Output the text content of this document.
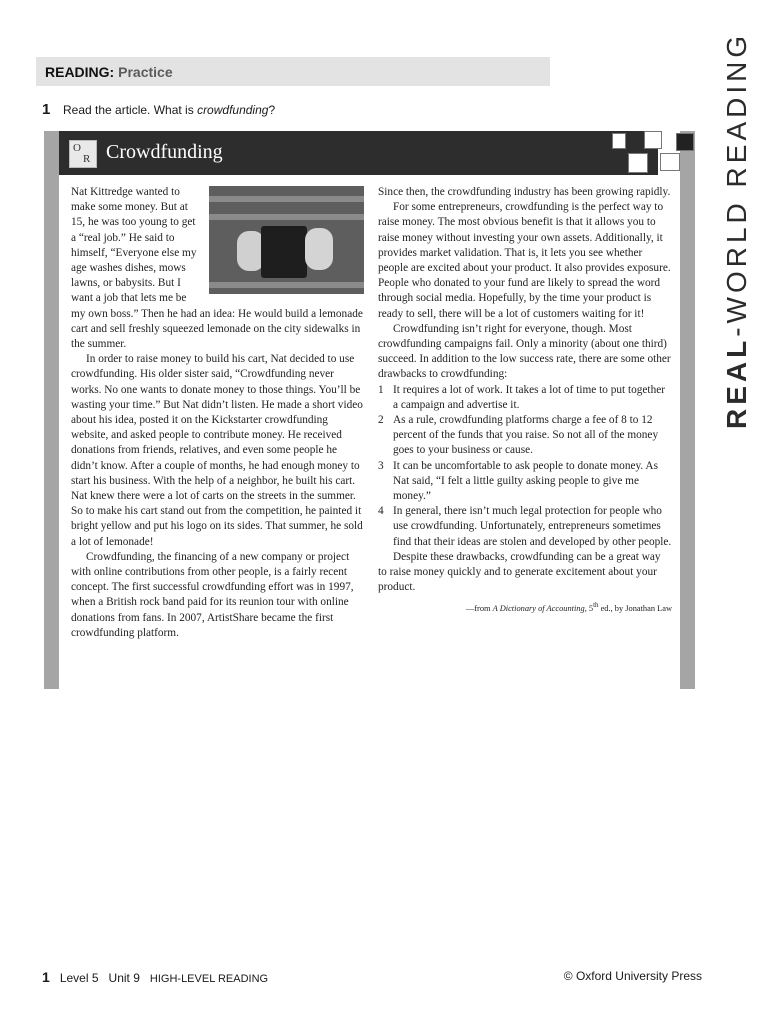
READING: Practice
1 Read the article. What is crowdfunding?
REAL-WORLD READING
O
R Crowdfunding

Nat Kittredge wanted to make some money. But at 15, he was too young to get a “real job.” He said to himself, “Everyone else my age washes dishes, mows lawns, or babysits. But I want a job that lets me be my own boss.” Then he had an idea: He would build a lemonade cart and sell freshly squeezed lemonade on the city sidewalks in the summer.

In order to raise money to build his cart, Nat decided to use crowdfunding. His older sister said, “Crowdfunding never works. No one wants to donate money to those things. You’ll be wasting your time.” But Nat didn’t listen. He made a short video about his idea, posted it on the Kickstarter crowdfunding website, and asked people to contribute money. He received donations from friends, relatives, and even some people he didn’t know. After a couple of months, he had enough money to start his business. With the help of a neighbor, he built his cart. Nat knew there were a lot of carts on the streets in the summer. So to make his cart stand out from the competition, he painted it bright yellow and put his logo on its sides. That summer, he sold a lot of lemonade!

Crowdfunding, the financing of a new company or project with online contributions from other people, is a fairly recent concept. The first successful crowdfunding effort was in 1997, when a British rock band paid for its reunion tour with online donations from fans. In 2007, ArtistShare became the first crowdfunding platform.

Since then, the crowdfunding industry has been growing rapidly.

For some entrepreneurs, crowdfunding is the perfect way to raise money. The most obvious benefit is that it allows you to raise money without investing your own assets. Additionally, it provides market validation. That is, it lets you see whether people are excited about your product. It also provides exposure. People who donated to your fund are likely to spread the word through social media. Hopefully, by the time your product is ready to sell, there will be a lot of customers waiting for it!

Crowdfunding isn’t right for everyone, though. Most crowdfunding campaigns fail. Only a minority (about one third) succeed. In addition to the low success rate, there are some other drawbacks to crowdfunding:

1 It requires a lot of work. It takes a lot of time to put together a campaign and advertise it.
2 As a rule, crowdfunding platforms charge a fee of 8 to 12 percent of the funds that you raise. So not all of the money goes to your business or cause.
3 It can be uncomfortable to ask people to donate money. As Nat said, “I felt a little guilty asking people to give me money.”
4 In general, there isn’t much legal protection for people who use crowdfunding. Unfortunately, entrepreneurs sometimes find that their ideas are stolen and developed by other people.

Despite these drawbacks, crowdfunding can be a great way to raise money quickly and to generate excitement about your product.

—from A Dictionary of Accounting, 5th ed., by Jonathan Law
1 Level 5 Unit 9 HIGH-LEVEL READING	© Oxford University Press
